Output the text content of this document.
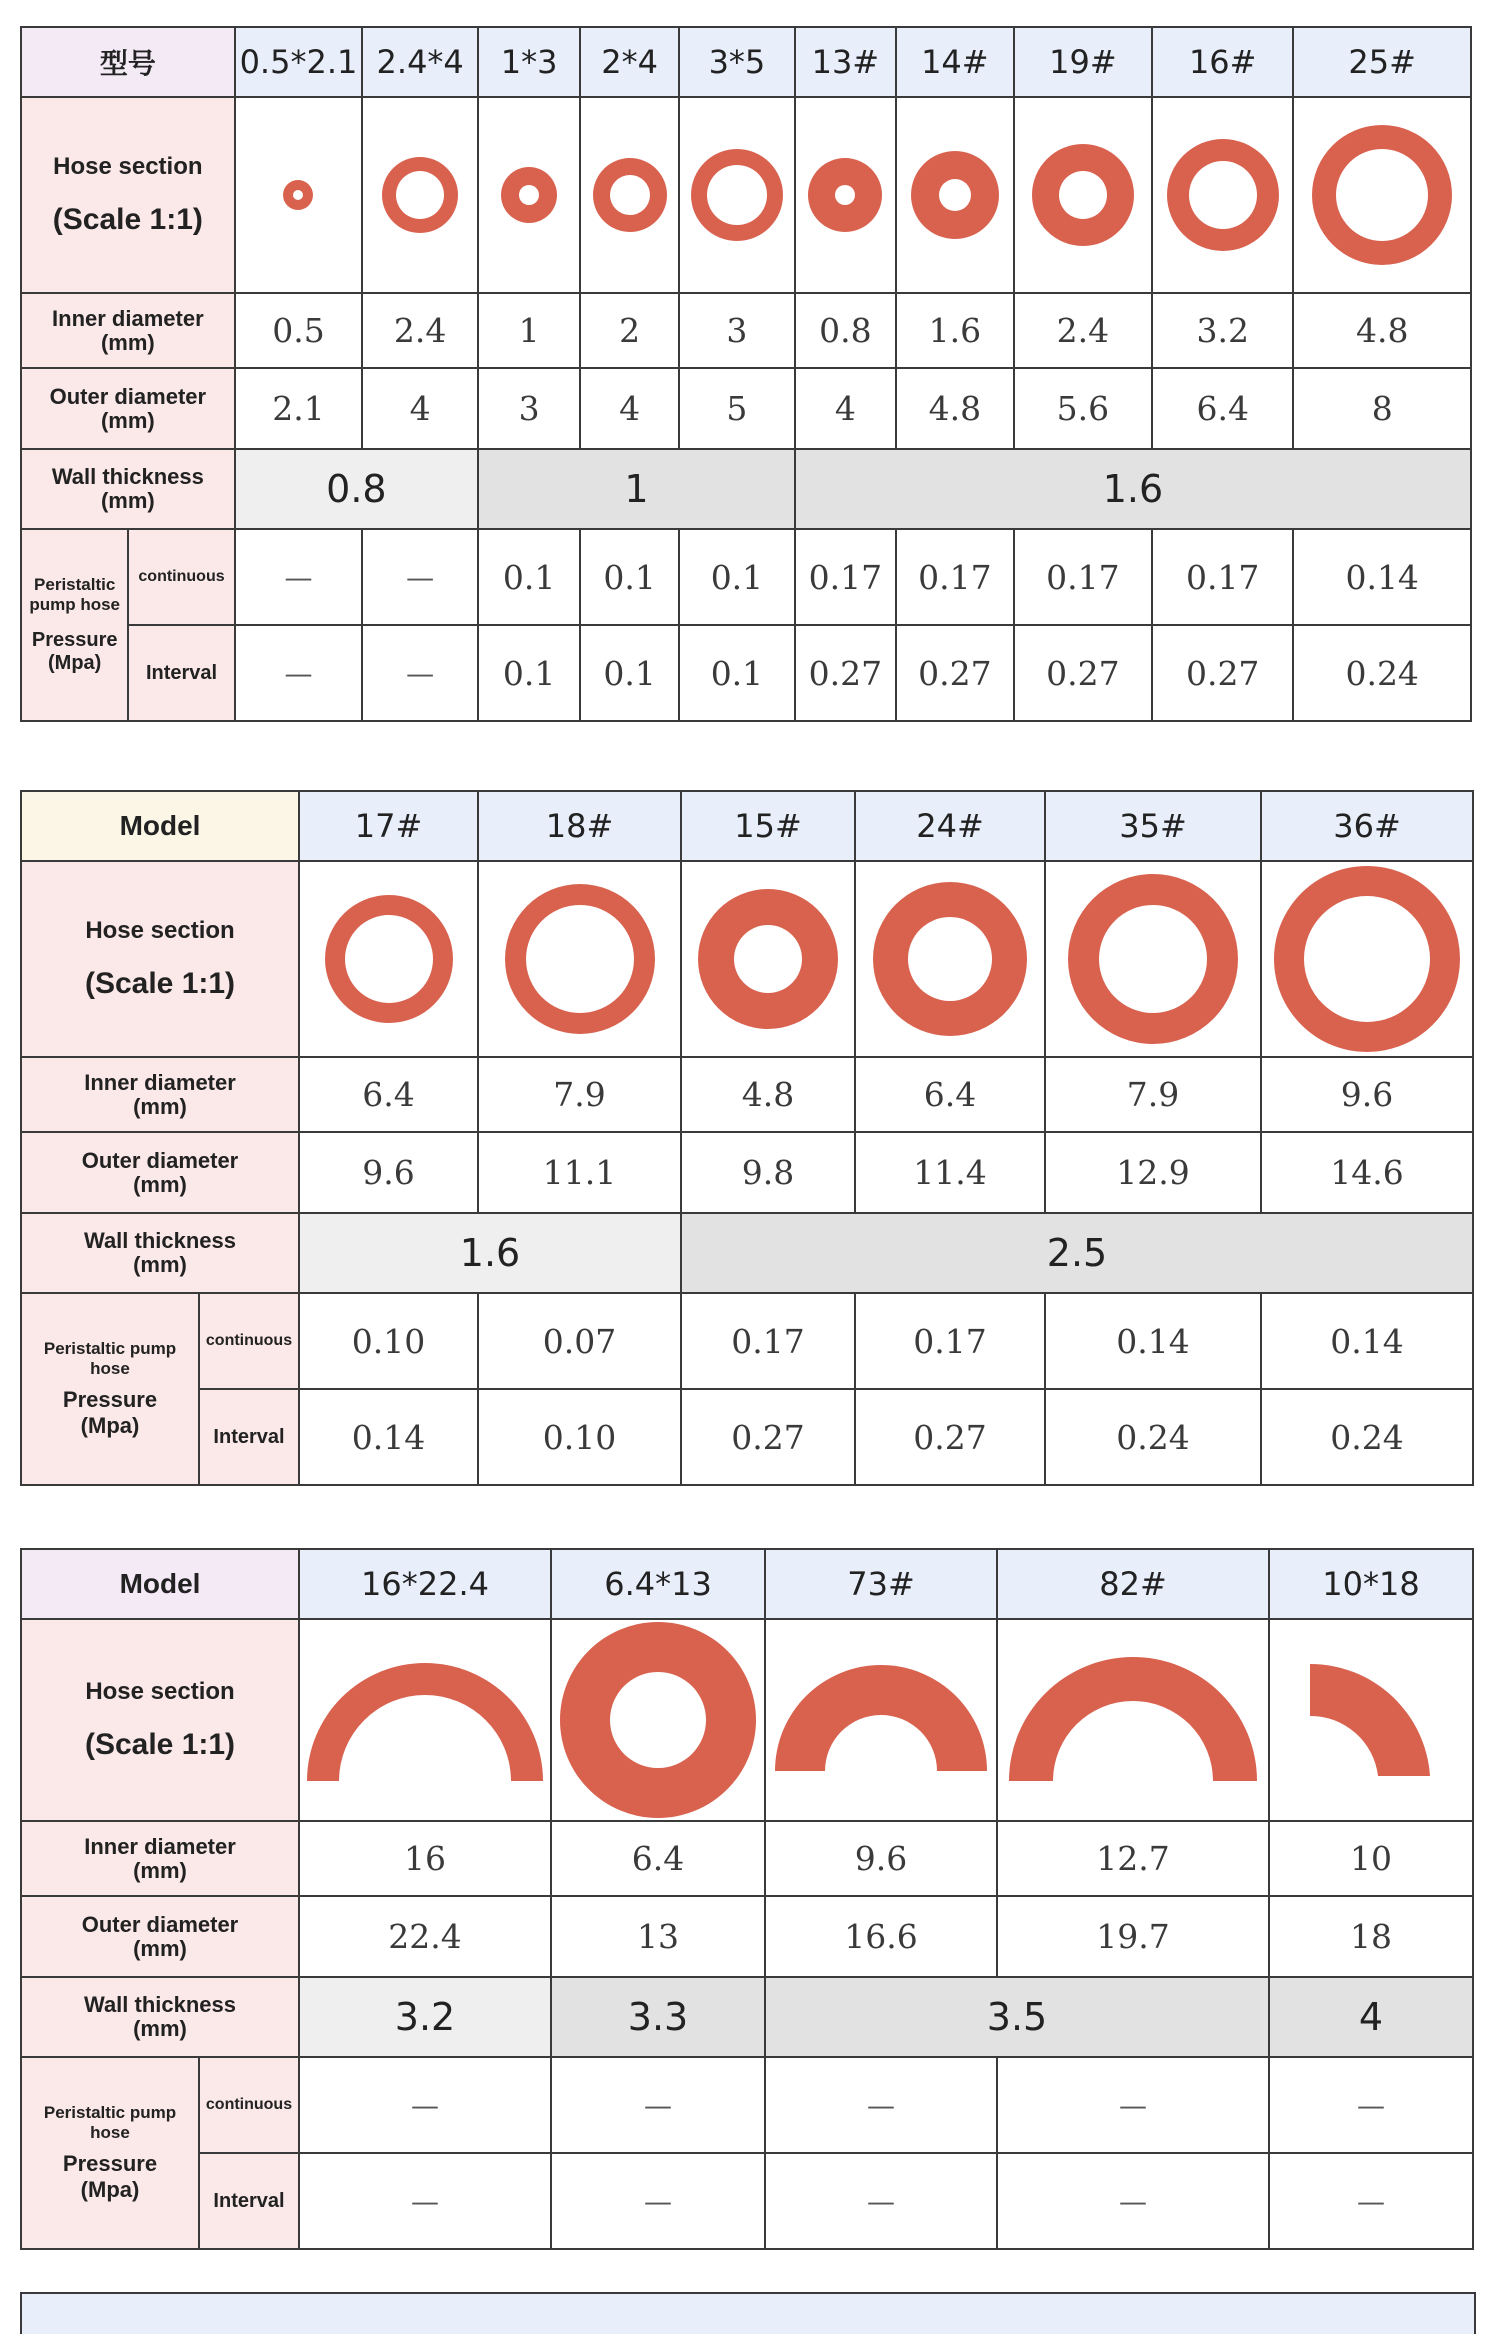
型号		0.5*2.1	2.4*4	1*3	2*4	3*5	13#	14#	19#	16#	25#

Hose section
(Scale 1:1)

Inner diameter
(mm)		0.5	2.4	1	2	3	0.8	1.6	2.4	3.2	4.8
Outer diameter
(mm)		2.1	4	3	4	5	4	4.8	5.6	6.4	8
Wall thickness
(mm)		0.8		1			1.6				

Peristaltic pump hose
Pressure (Mpa)	continuous	—	—	0.1	0.1	0.1	0.17	0.17	0.17	0.17	0.14
	Interval	—	—	0.1	0.1	0.1	0.27	0.27	0.27	0.27	0.24
Model		17#	18#	15#	24#	35#	36#

Hose section
(Scale 1:1)

Inner diameter
(mm)		6.4	7.9	4.8	6.4	7.9	9.6
Outer diameter
(mm)		9.6	11.1	9.8	11.4	12.9	14.6
Wall thickness
(mm)		1.6		2.5			

Peristaltic pump hose
Pressure
(Mpa)	continuous	0.10	0.07	0.17	0.17	0.14	0.14
	Interval	0.14	0.10	0.27	0.27	0.24	0.24
Model		16*22.4	6.4*13	73#	82#	10*18

Hose section
(Scale 1:1)

Inner diameter
(mm)		16	6.4	9.6	12.7	10
Outer diameter
(mm)		22.4	13	16.6	19.7	18
Wall thickness
(mm)		3.2	3.3	3.5		4

Peristaltic pump hose
Pressure
(Mpa)	continuous	—	—	—	—	—
	Interval	—	—	—	—	—
